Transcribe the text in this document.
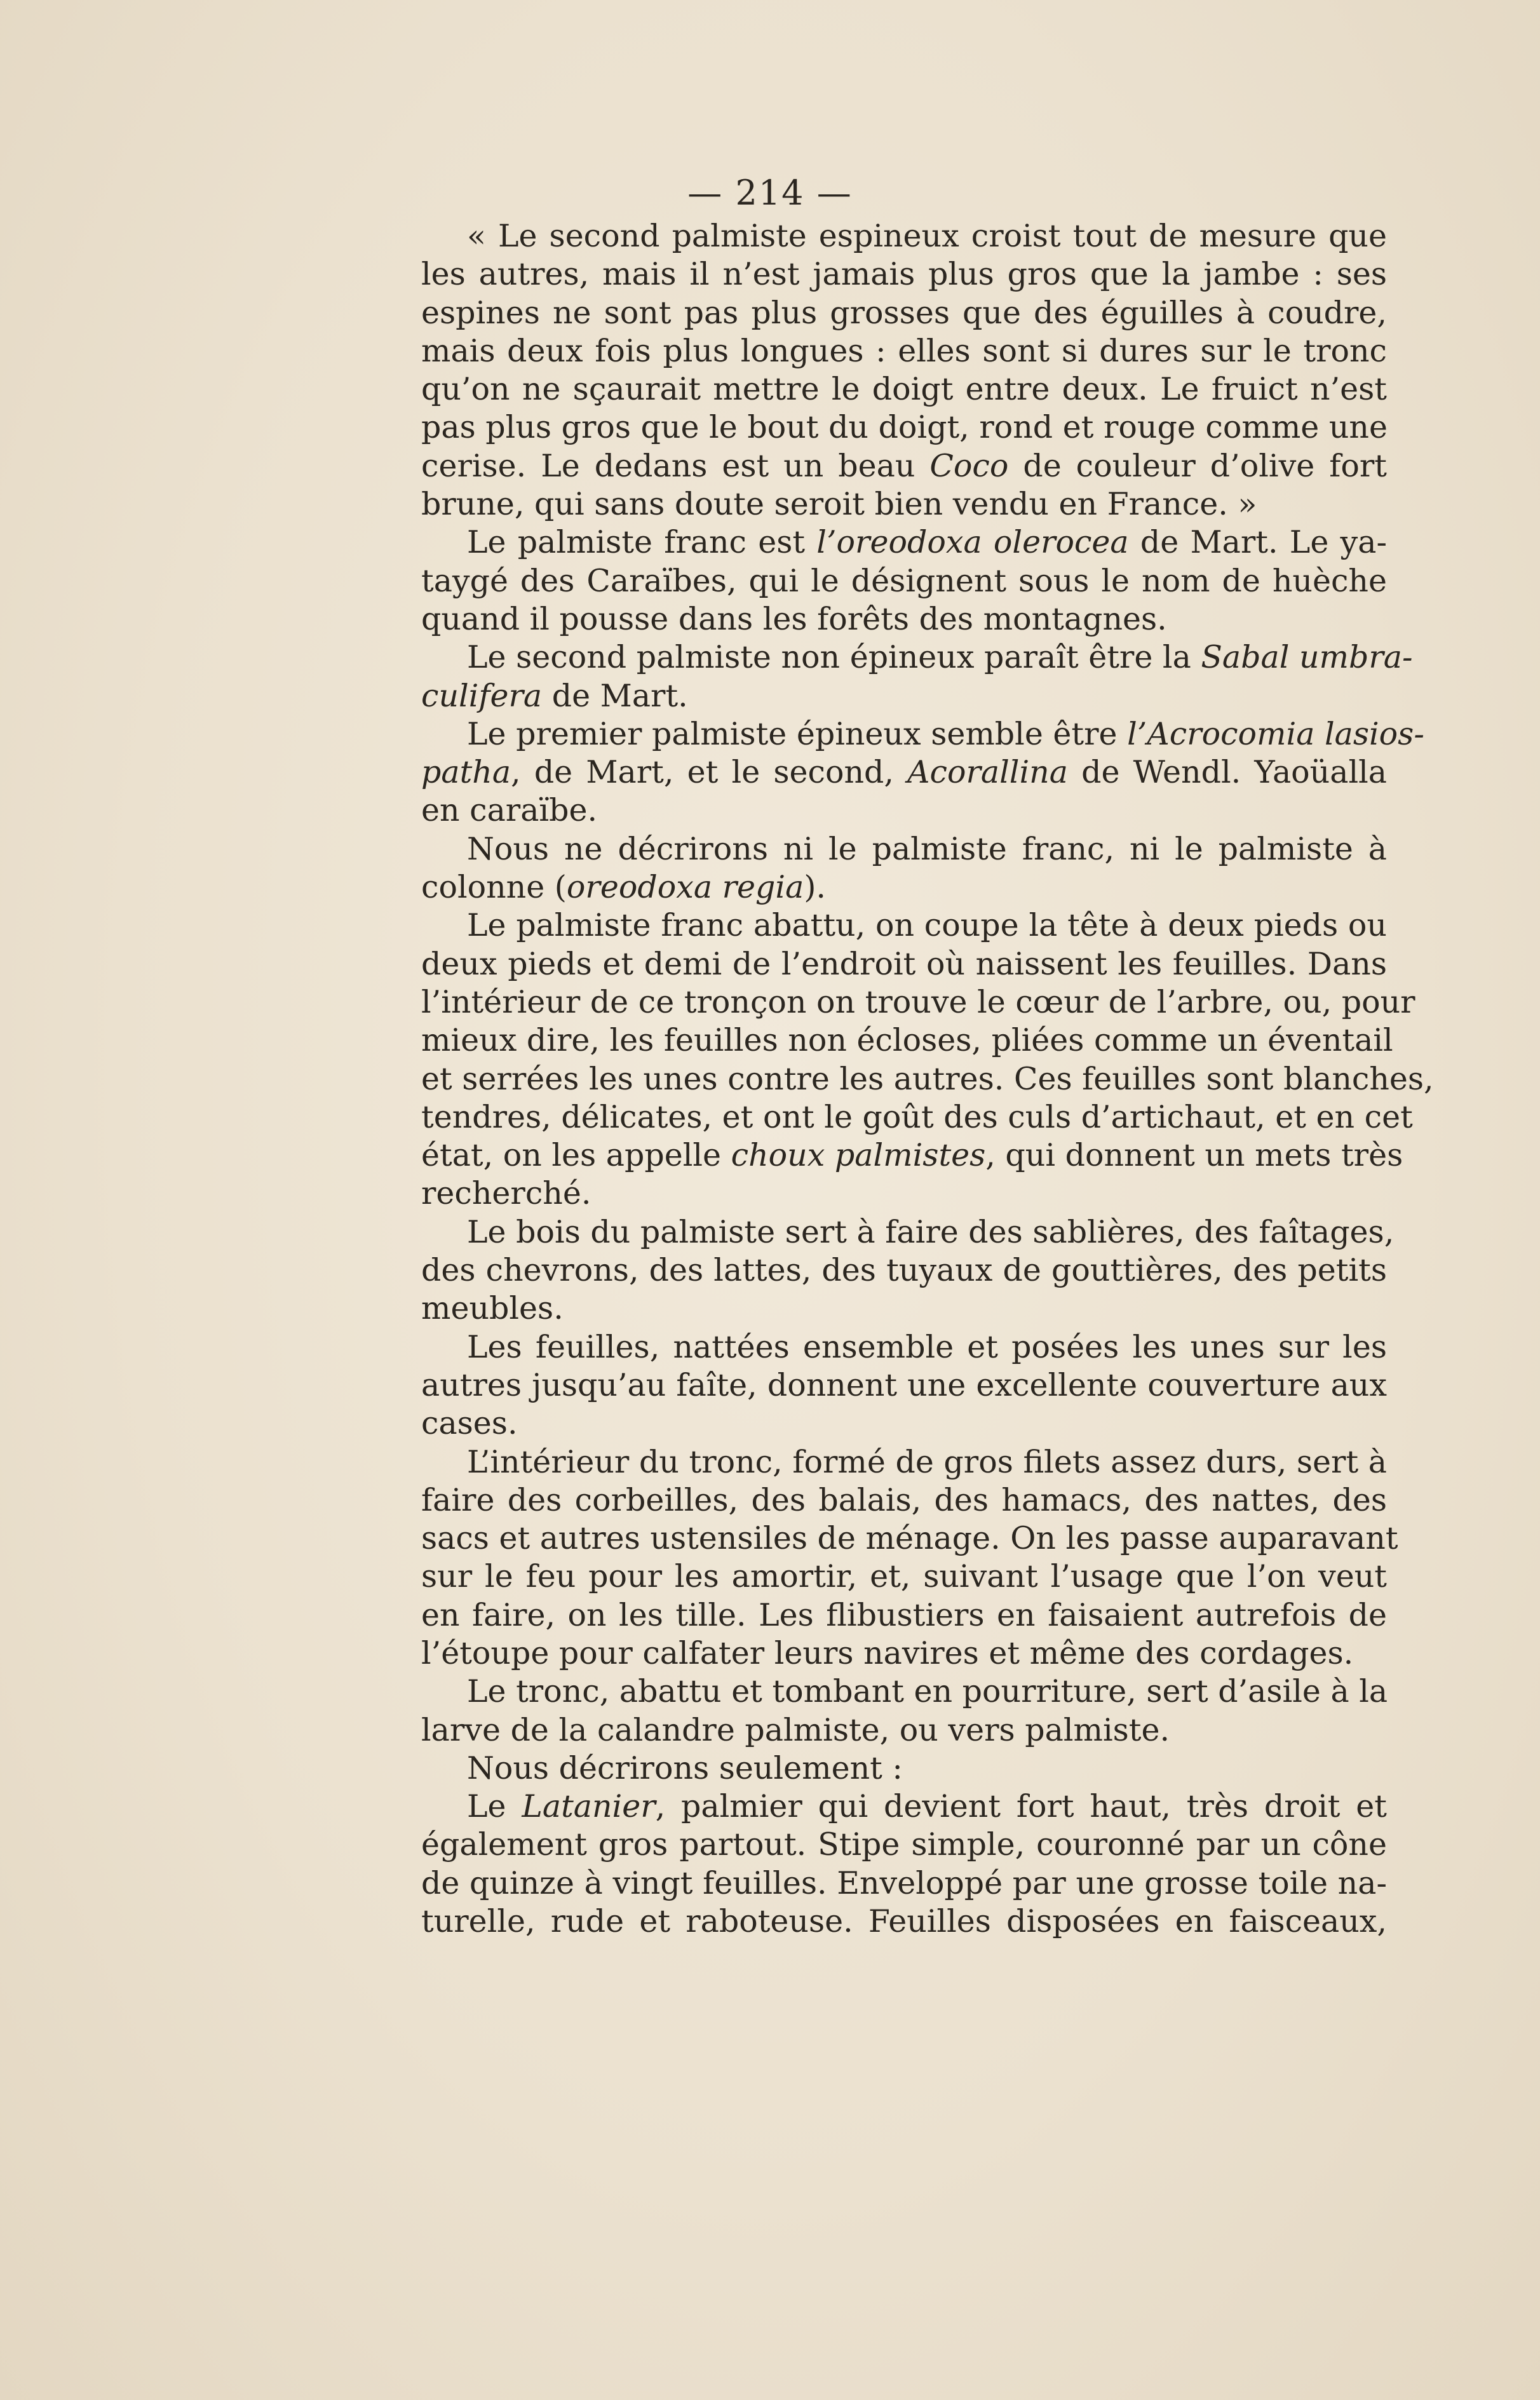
— 214 —
« Le second palmiste espineux croist tout de mesure que
les autres, mais il n’est jamais plus gros que la jambe : ses
espines ne sont pas plus grosses que des éguilles à coudre,
mais deux fois plus longues : elles sont si dures sur le tronc
qu’on ne sçaurait mettre le doigt entre deux. Le fruict n’est
pas plus gros que le bout du doigt, rond et rouge comme une
cerise. Le dedans est un beau Coco de couleur d’olive fort
brune, qui sans doute seroit bien vendu en France. »
Le palmiste franc est l’oreodoxa olerocea de Mart. Le ya-
taygé des Caraïbes, qui le désignent sous le nom de huèche
quand il pousse dans les forêts des montagnes.
Le second palmiste non épineux paraît être la Sabal umbra-
culifera de Mart.
Le premier palmiste épineux semble être l’Acrocomia lasios-
patha, de Mart, et le second, Acorallina de Wendl. Yaoüalla
en caraïbe.
Nous ne décrirons ni le palmiste franc, ni le palmiste à
colonne (oreodoxa regia).
Le palmiste franc abattu, on coupe la tête à deux pieds ou
deux pieds et demi de l’endroit où naissent les feuilles. Dans
l’intérieur de ce tronçon on trouve le cœur de l’arbre, ou, pour
mieux dire, les feuilles non écloses, pliées comme un éventail
et serrées les unes contre les autres. Ces feuilles sont blanches,
tendres, délicates, et ont le goût des culs d’artichaut, et en cet
état, on les appelle choux palmistes, qui donnent un mets très
recherché.
Le bois du palmiste sert à faire des sablières, des faîtages,
des chevrons, des lattes, des tuyaux de gouttières, des petits
meubles.
Les feuilles, nattées ensemble et posées les unes sur les
autres jusqu’au faîte, donnent une excellente couverture aux
cases.
L’intérieur du tronc, formé de gros filets assez durs, sert à
faire des corbeilles, des balais, des hamacs, des nattes, des
sacs et autres ustensiles de ménage. On les passe auparavant
sur le feu pour les amortir, et, suivant l’usage que l’on veut
en faire, on les tille. Les flibustiers en faisaient autrefois de
l’étoupe pour calfater leurs navires et même des cordages.
Le tronc, abattu et tombant en pourriture, sert d’asile à la
larve de la calandre palmiste, ou vers palmiste.
Nous décrirons seulement :
Le Latanier, palmier qui devient fort haut, très droit et
également gros partout. Stipe simple, couronné par un cône
de quinze à vingt feuilles. Enveloppé par une grosse toile na-
turelle, rude et raboteuse. Feuilles disposées en faisceaux,
